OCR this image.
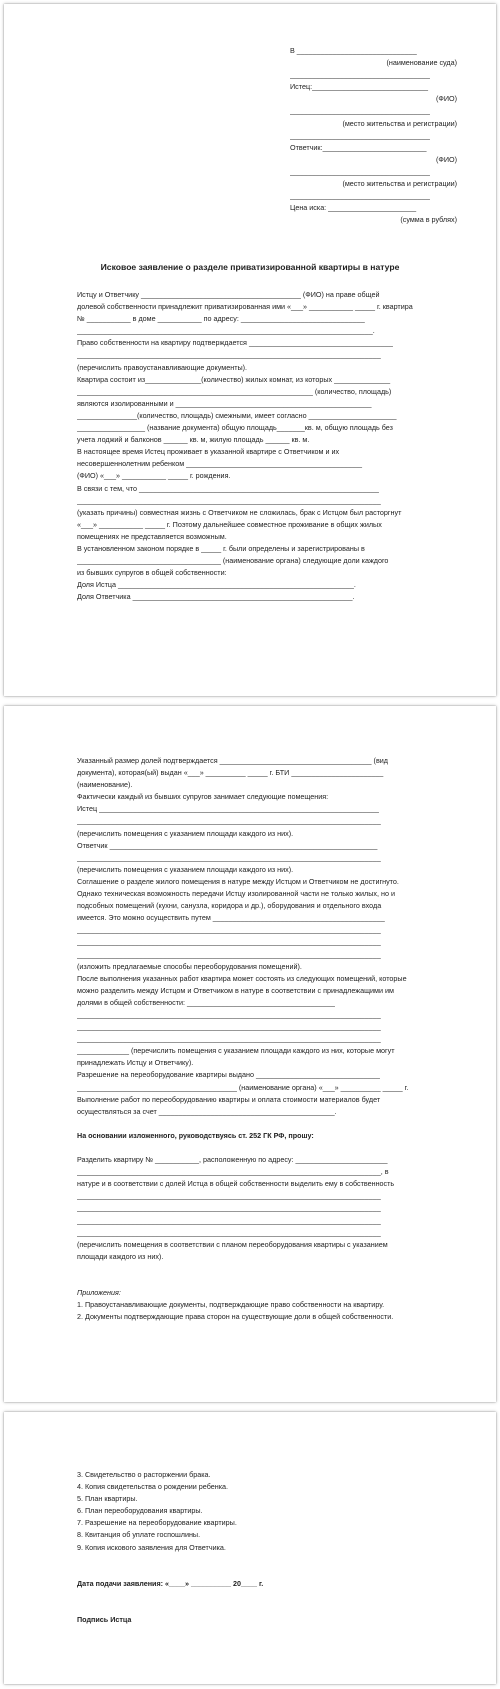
В ______________________________
(наименование суда)
___________________________________
Истец:_____________________________
(ФИО)
___________________________________
(место жительства и регистрации)
___________________________________
Ответчик:__________________________
(ФИО)
___________________________________
(место жительства и регистрации)
___________________________________
Цена иска: ______________________
(сумма в рублях)
Исковое заявление о разделе приватизированной квартиры в натуре
Истцу и Ответчику ________________________________________ (ФИО) на праве общей
долевой собственности принадлежит приватизированная ими «___» ___________ _____ г. квартира
№ ___________ в доме ___________ по адресу: _______________________________
__________________________________________________________________________.
Право собственности на квартиру подтверждается ____________________________________
____________________________________________________________________________
(перечислить правоустанавливающие документы).
Квартира состоит из______________(количество) жилых комнат, из которых ______________
___________________________________________________________ (количество, площадь)
являются изолированными и _________________________________________________
_______________(количество, площадь) смежными, имеет согласно ______________________
_________________ (название документа) общую площадь_______кв. м, общую площадь без
учета лоджий и балконов ______ кв. м, жилую площадь ______ кв. м.
В настоящее время Истец проживает в указанной квартире с Ответчиком и их
несовершеннолетним ребенком ____________________________________________
(ФИО) «___» ___________ _____ г. рождения.
В связи с тем, что ____________________________________________________________
____________________________________________________________________________
(указать причины) совместная жизнь с Ответчиком не сложилась, брак с Истцом был расторгнут
«___» ___________ _____ г. Поэтому дальнейшее совместное проживание в общих жилых
помещениях не представляется возможным.
В установленном законом порядке в _____ г. были определены и зарегистрированы в
____________________________________ (наименование органа) следующие доли каждого
из бывших супругов в общей собственности:
Доля Истца ___________________________________________________________.
Доля Ответчика _______________________________________________________.
Указанный размер долей подтверждается ______________________________________ (вид
документа), которая(ый) выдан «___» __________ _____ г. БТИ _______________________
(наименование).
Фактически каждый из бывших супругов занимает следующие помещения:
Истец ______________________________________________________________________
____________________________________________________________________________
(перечислить помещения с указанием площади каждого из них).
Ответчик ___________________________________________________________________
____________________________________________________________________________
(перечислить помещения с указанием площади каждого из них).
Соглашение о разделе жилого помещения в натуре между Истцом и Ответчиком не достигнуто.
Однако техническая возможность передачи Истцу изолированной части не только жилых, но и
подсобных помещений (кухни, санузла, коридора и др.), оборудования и отдельного входа
имеется. Это можно осуществить путем ___________________________________________
____________________________________________________________________________
____________________________________________________________________________
____________________________________________________________________________
(изложить предлагаемые способы переоборудования помещений).
После выполнения указанных работ квартира может состоять из следующих помещений, которые
можно разделить между Истцом и Ответчиком в натуре в соответствии с принадлежащими им
долями в общей собственности: _____________________________________
____________________________________________________________________________
____________________________________________________________________________
____________________________________________________________________________
_____________ (перечислить помещения с указанием площади каждого из них, которые могут
принадлежать Истцу и Ответчику).
Разрешение на переоборудование квартиры выдано _______________________________
________________________________________ (наименование органа) «___» __________ _____ г.
Выполнение работ по переоборудованию квартиры и оплата стоимости материалов будет
осуществляться за счет ____________________________________________.
На основании изложенного, руководствуясь ст. 252 ГК РФ, прошу:
Разделить квартиру № ___________, расположенную по адресу: _______________________
____________________________________________________________________________, в
натуре и в соответствии с долей Истца в общей собственности выделить ему в собственность
____________________________________________________________________________
____________________________________________________________________________
____________________________________________________________________________
____________________________________________________________________________
(перечислить помещения в соответствии с планом переоборудования квартиры с указанием
площади каждого из них).
Приложения:
1. Правоустанавливающие документы, подтверждающие право собственности на квартиру.
2. Документы подтверждающие права сторон на существующие доли в общей собственности.
3. Свидетельство о расторжении брака.
4. Копия свидетельства о рождении ребенка.
5. План квартиры.
6. План переоборудования квартиры.
7. Разрешение на переоборудование квартиры.
8. Квитанция об уплате госпошлины.
9. Копия искового заявления для Ответчика.
Дата подачи заявления: «____» __________ 20____ г.
Подпись Истца
